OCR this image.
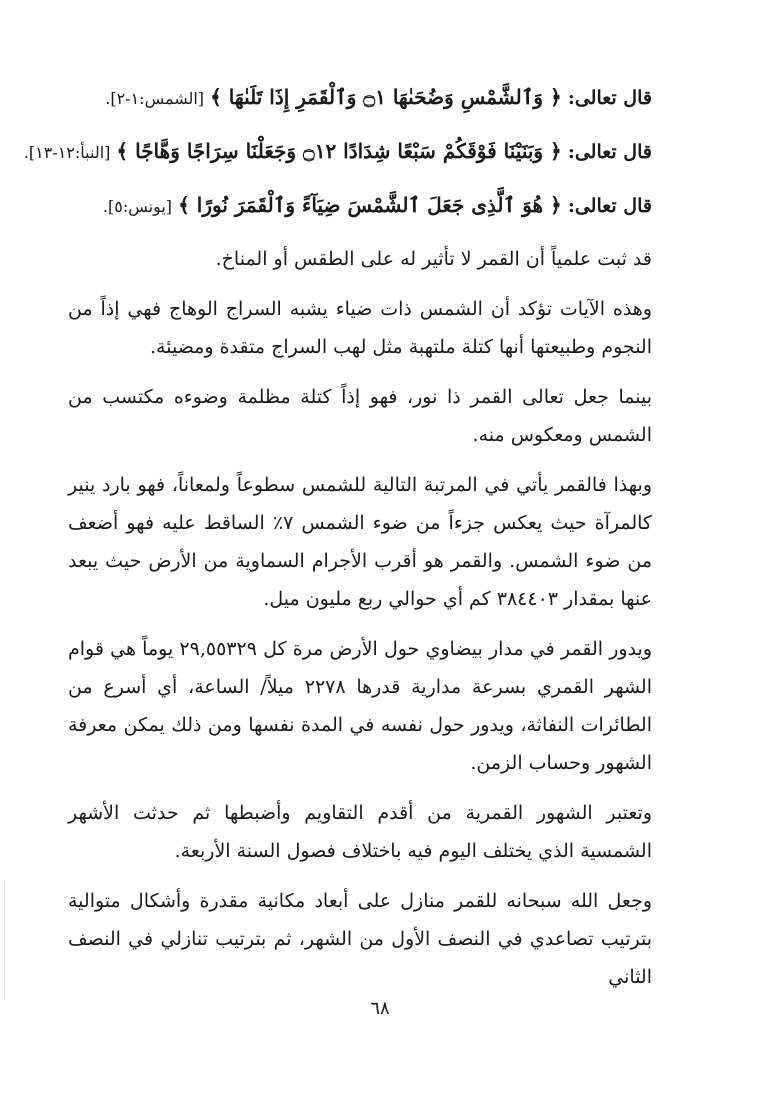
قال تعالى: ﴿ وَٱلشَّمْسِ وَضُحَىٰهَا ۝١ وَٱلْقَمَرِ إِذَا تَلَىٰهَا ﴾ [الشمس:١-٢].
قال تعالى: ﴿ وَبَنَيْنَا فَوْقَكُمْ سَبْعًا شِدَادًا ۝١٢ وَجَعَلْنَا سِرَاجًا وَهَّاجًا ﴾ [النبأ:١٢-١٣].
قال تعالى: ﴿ هُوَ ٱلَّذِى جَعَلَ ٱلشَّمْسَ ضِيَآءً وَٱلْقَمَرَ نُورًا ﴾ [يونس:٥].

قد ثبت علمياً أن القمر لا تأثير له على الطقس أو المناخ.

وهذه الآيات تؤكد أن الشمس ذات ضياء يشبه السراج الوهاج فهي إذاً من النجوم وطبيعتها أنها كتلة ملتهبة مثل لهب السراج متقدة ومضيئة.

بينما جعل تعالى القمر ذا نور، فهو إذاً كتلة مظلمة وضوءه مكتسب من الشمس ومعكوس منه.

وبهذا فالقمر يأتي في المرتبة التالية للشمس سطوعاً ولمعاناً، فهو بارد ينير كالمرآة حيث يعكس جزءاً من ضوء الشمس ٧٪ الساقط عليه فهو أضعف من ضوء الشمس. والقمر هو أقرب الأجرام السماوية من الأرض حيث يبعد عنها بمقدار ٣٨٤٤٠٣ كم أي حوالي ربع مليون ميل.

ويدور القمر في مدار بيضاوي حول الأرض مرة كل ٢٩,٥٥٣٢٩ يوماً هي قوام الشهر القمري بسرعة مدارية قدرها ٢٢٧٨ ميلاً/ الساعة، أي أسرع من الطائرات النفاثة، ويدور حول نفسه في المدة نفسها ومن ذلك يمكن معرفة الشهور وحساب الزمن.

وتعتبر الشهور القمرية من أقدم التقاويم وأضبطها ثم حدثت الأشهر الشمسية الذي يختلف اليوم فيه باختلاف فصول السنة الأربعة.

وجعل الله سبحانه للقمر منازل على أبعاد مكانية مقدرة وأشكال متوالية بترتيب تصاعدي في النصف الأول من الشهر، ثم بترتيب تنازلي في النصف الثاني

٦٨
